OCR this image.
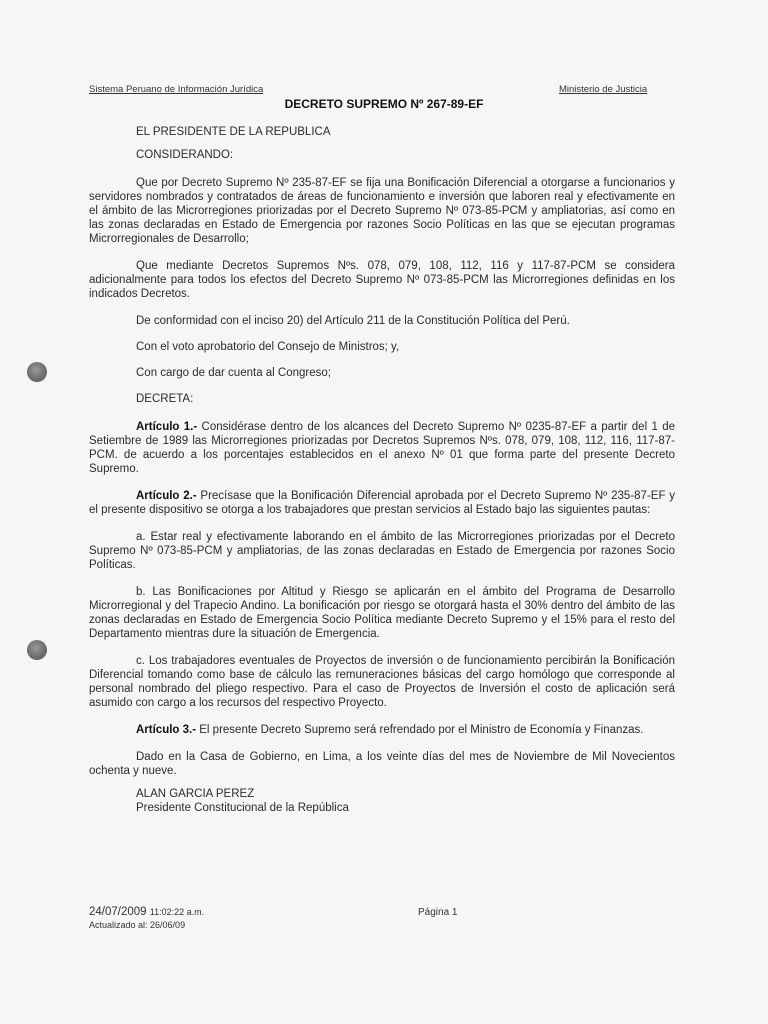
Sistema Peruano de Información Jurídica	Ministerio de Justicia
DECRETO SUPREMO Nº 267-89-EF

EL PRESIDENTE DE LA REPUBLICA

CONSIDERANDO:

Que por Decreto Supremo Nº 235-87-EF se fija una Bonificación Diferencial a otorgarse a funcionarios y servidores nombrados y contratados de áreas de funcionamiento e inversión que laboren real y efectivamente en el ámbito de las Microrregiones priorizadas por el Decreto Supremo Nº 073-85-PCM y ampliatorias, así como en las zonas declaradas en Estado de Emergencia por razones Socio Políticas en las que se ejecutan programas Microrregionales de Desarrollo;

Que mediante Decretos Supremos Nºs. 078, 079, 108, 112, 116 y 117-87-PCM se considera adicionalmente para todos los efectos del Decreto Supremo Nº 073-85-PCM las Microrregiones definidas en los indicados Decretos.

De conformidad con el inciso 20) del Artículo 211 de la Constitución Política del Perú.

Con el voto aprobatorio del Consejo de Ministros; y,

Con cargo de dar cuenta al Congreso;

DECRETA:

Artículo 1.- Considérase dentro de los alcances del Decreto Supremo Nº 0235-87-EF a partir del 1 de Setiembre de 1989 las Microrregiones priorizadas por Decretos Supremos Nºs. 078, 079, 108, 112, 116, 117-87-PCM. de acuerdo a los porcentajes establecidos en el anexo Nº 01 que forma parte del presente Decreto Supremo.

Artículo 2.- Precísase que la Bonificación Diferencial aprobada por el Decreto Supremo Nº 235-87-EF y el presente dispositivo se otorga a los trabajadores que prestan servicios al Estado bajo las siguientes pautas:

a. Estar real y efectivamente laborando en el ámbito de las Microrregiones priorizadas por el Decreto Supremo Nº 073-85-PCM y ampliatorias, de las zonas declaradas en Estado de Emergencia por razones Socio Políticas.

b. Las Bonificaciones por Altitud y Riesgo se aplicarán en el ámbito del Programa de Desarrollo Microrregional y del Trapecio Andino. La bonificación por riesgo se otorgará hasta el 30% dentro del ámbito de las zonas declaradas en Estado de Emergencia Socio Política mediante Decreto Supremo y el 15% para el resto del Departamento mientras dure la situación de Emergencia.

c. Los trabajadores eventuales de Proyectos de inversión o de funcionamiento percibirán la Bonificación Diferencial tomando como base de cálculo las remuneraciones básicas del cargo homólogo que corresponde al personal nombrado del pliego respectivo. Para el caso de Proyectos de Inversión el costo de aplicación será asumido con cargo a los recursos del respectivo Proyecto.

Artículo 3.- El presente Decreto Supremo será refrendado por el Ministro de Economía y Finanzas.

Dado en la Casa de Gobierno, en Lima, a los veinte días del mes de Noviembre de Mil Novecientos ochenta y nueve.

ALAN GARCIA PEREZ
Presidente Constitucional de la República
24/07/2009 11:02:22 a.m.
Actualizado al: 26/06/09
Página 1
